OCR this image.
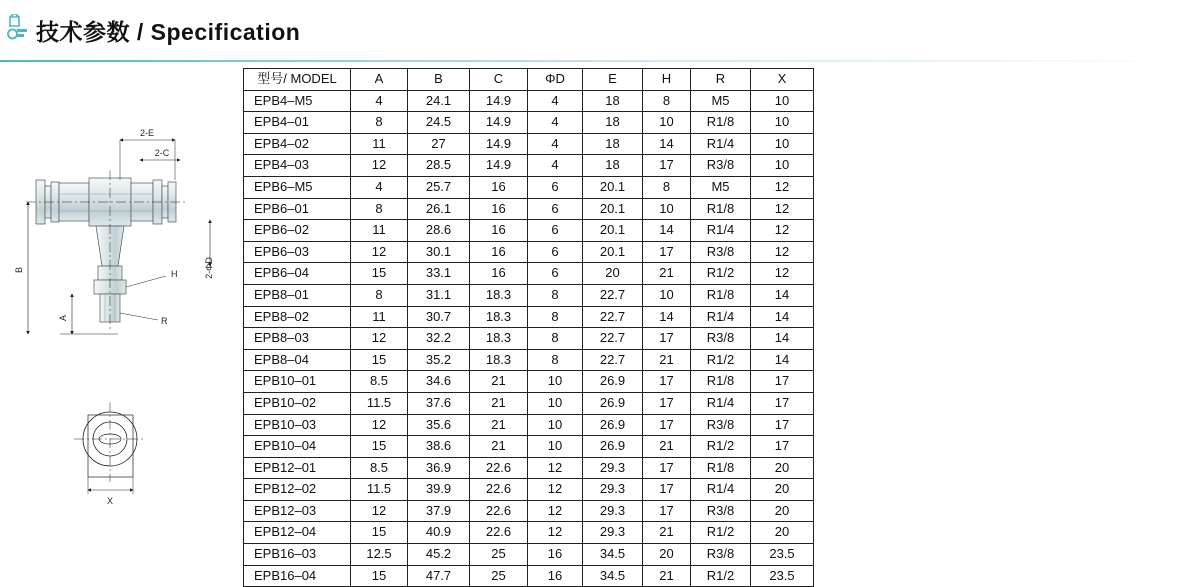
技术参数 / Specification
2-E
2-C
2-ΦD
B
A
H
R
X
型号/ MODEL	A	B	C	ΦD	E	H	R	X
EPB4–M5	4	24.1	14.9	4	18	8	M5	10
EPB4–01	8	24.5	14.9	4	18	10	R1/8	10
EPB4–02	11	27	14.9	4	18	14	R1/4	10
EPB4–03	12	28.5	14.9	4	18	17	R3/8	10
EPB6–M5	4	25.7	16	6	20.1	8	M5	12
EPB6–01	8	26.1	16	6	20.1	10	R1/8	12
EPB6–02	11	28.6	16	6	20.1	14	R1/4	12
EPB6–03	12	30.1	16	6	20.1	17	R3/8	12
EPB6–04	15	33.1	16	6	20	21	R1/2	12
EPB8–01	8	31.1	18.3	8	22.7	10	R1/8	14
EPB8–02	11	30.7	18.3	8	22.7	14	R1/4	14
EPB8–03	12	32.2	18.3	8	22.7	17	R3/8	14
EPB8–04	15	35.2	18.3	8	22.7	21	R1/2	14
EPB10–01	8.5	34.6	21	10	26.9	17	R1/8	17
EPB10–02	11.5	37.6	21	10	26.9	17	R1/4	17
EPB10–03	12	35.6	21	10	26.9	17	R3/8	17
EPB10–04	15	38.6	21	10	26.9	21	R1/2	17
EPB12–01	8.5	36.9	22.6	12	29.3	17	R1/8	20
EPB12–02	11.5	39.9	22.6	12	29.3	17	R1/4	20
EPB12–03	12	37.9	22.6	12	29.3	17	R3/8	20
EPB12–04	15	40.9	22.6	12	29.3	21	R1/2	20
EPB16–03	12.5	45.2	25	16	34.5	20	R3/8	23.5
EPB16–04	15	47.7	25	16	34.5	21	R1/2	23.5
